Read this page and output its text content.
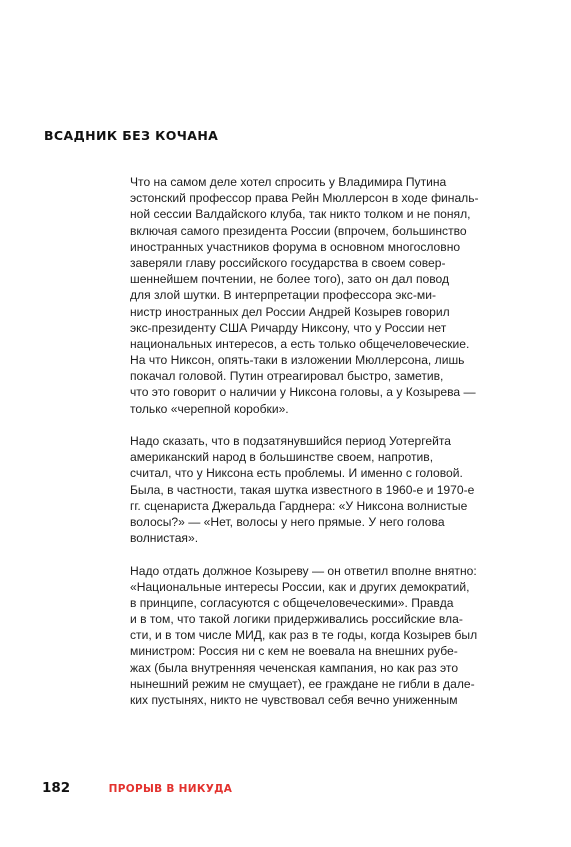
ВСАДНИК БЕЗ КОЧАНА
Что на самом деле хотел спросить у Владимира Путина
эстонский профессор права Рейн Мюллерсон в ходе финаль-
ной сессии Валдайского клуба, так никто толком и не понял,
включая самого президента России (впрочем, большинство
иностранных участников форума в основном многословно
заверяли главу российского государства в своем совер-
шеннейшем почтении, не более того), зато он дал повод
для злой шутки. В интерпретации профессора экс-ми-
нистр иностранных дел России Андрей Козырев говорил
экс-президенту США Ричарду Никсону, что у России нет
национальных интересов, а есть только общечеловеческие.
На что Никсон, опять-таки в изложении Мюллерсона, лишь
покачал головой. Путин отреагировал быстро, заметив,
что это говорит о наличии у Никсона головы, а у Козырева —
только «черепной коробки».
Надо сказать, что в подзатянувшийся период Уотергейта
американский народ в большинстве своем, напротив,
считал, что у Никсона есть проблемы. И именно с головой.
Была, в частности, такая шутка известного в 1960-е и 1970-е
гг. сценариста Джеральда Гарднера: «У Никсона волнистые
волосы?» — «Нет, волосы у него прямые. У него голова
волнистая».
Надо отдать должное Козыреву — он ответил вполне внятно:
«Национальные интересы России, как и других демократий,
в принципе, согласуются с общечеловеческими». Правда
и в том, что такой логики придерживались российские вла-
сти, и в том числе МИД, как раз в те годы, когда Козырев был
министром: Россия ни с кем не воевала на внешних рубе-
жах (была внутренняя чеченская кампания, но как раз это
нынешний режим не смущает), ее граждане не гибли в дале-
ких пустынях, никто не чувствовал себя вечно униженным
182	ПРОРЫВ В НИКУДА
